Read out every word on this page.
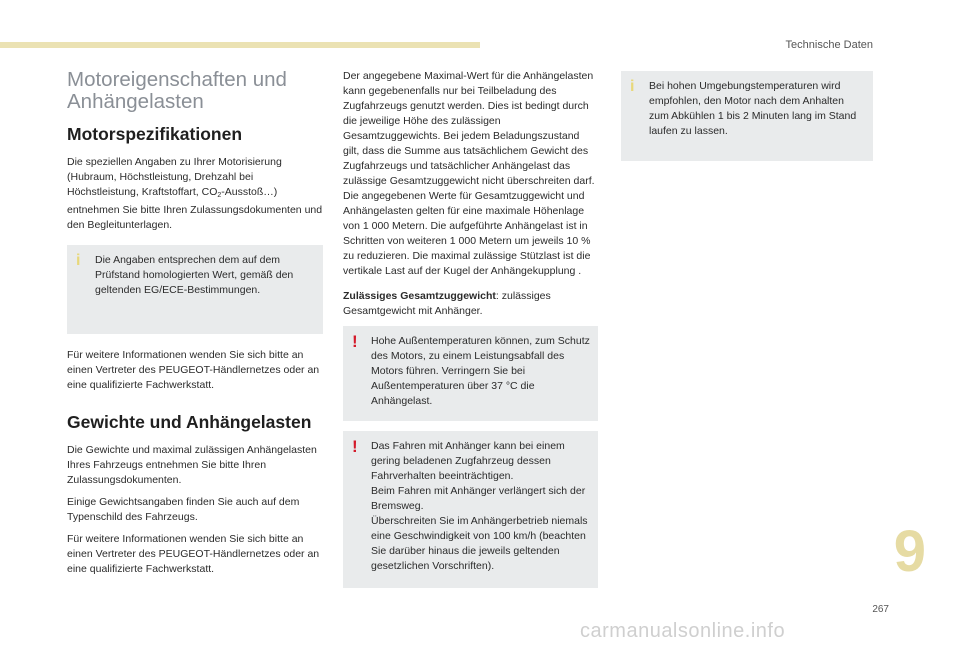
Technische Daten
Motoreigenschaften und
Anhängelasten
Motorspezifikationen

Die speziellen Angaben zu Ihrer Motorisierung (Hubraum, Höchstleistung, Drehzahl bei Höchstleistung, Kraftstoffart, $CO_2-Ausstoß\dots$) entnehmen Sie bitte Ihren Zulassungsdokumenten und den Begleitunterlagen.

i	Die Angaben entsprechen dem auf dem Prüfstand homologierten Wert, gemäß den geltenden EG/ECE-Bestimmungen.

Für weitere Informationen wenden Sie sich bitte an einen Vertreter des PEUGEOT-Händlernetzes oder an eine qualifizierte Fachwerkstatt.

Gewichte und Anhängelasten

Die Gewichte und maximal zulässigen Anhängelasten Ihres Fahrzeugs entnehmen Sie bitte Ihren Zulassungsdokumenten.

Einige Gewichtsangaben finden Sie auch auf dem Typenschild des Fahrzeugs.

Für weitere Informationen wenden Sie sich bitte an einen Vertreter des PEUGEOT-Händlernetzes oder an eine qualifizierte Fachwerkstatt.

Der angegebene Maximal-Wert für die Anhängelasten kann gegebenenfalls nur bei Teilbeladung des Zugfahrzeugs genutzt werden. Dies ist bedingt durch die jeweilige Höhe des zulässigen Gesamtzuggewichts. Bei jedem Beladungszustand gilt, dass die Summe aus tatsächlichem Gewicht des Zugfahrzeugs und tatsächlicher Anhängelast das zulässige Gesamtzuggewicht nicht überschreiten darf. Die angegebenen Werte für Gesamtzuggewicht und Anhängelasten gelten für eine maximale Höhenlage von 1 000 Metern. Die aufgeführte Anhängelast ist in Schritten von weiteren 1 000 Metern um jeweils 10 % zu reduzieren. Die maximal zulässige Stützlast ist die vertikale Last auf der Kugel der Anhängekupplung .

Zulässiges Gesamtzuggewicht: zulässiges Gesamtgewicht mit Anhänger.

!	Hohe Außentemperaturen können, zum Schutz des Motors, zu einem Leistungsabfall des Motors führen. Verringern Sie bei Außentemperaturen über 37 °C die Anhängelast.
!	Das Fahren mit Anhänger kann bei einem gering beladenen Zugfahrzeug dessen Fahrverhalten beeinträchtigen.
Beim Fahren mit Anhänger verlängert sich der Bremsweg.
Überschreiten Sie im Anhängerbetrieb niemals eine Geschwindigkeit von 100 km/h (beachten Sie darüber hinaus die jeweils geltenden gesetzlichen Vorschriften).
i	Bei hohen Umgebungstemperaturen wird empfohlen, den Motor nach dem Anhalten zum Abkühlen 1 bis 2 Minuten lang im Stand laufen zu lassen.
9
267
carmanualsonline.info
